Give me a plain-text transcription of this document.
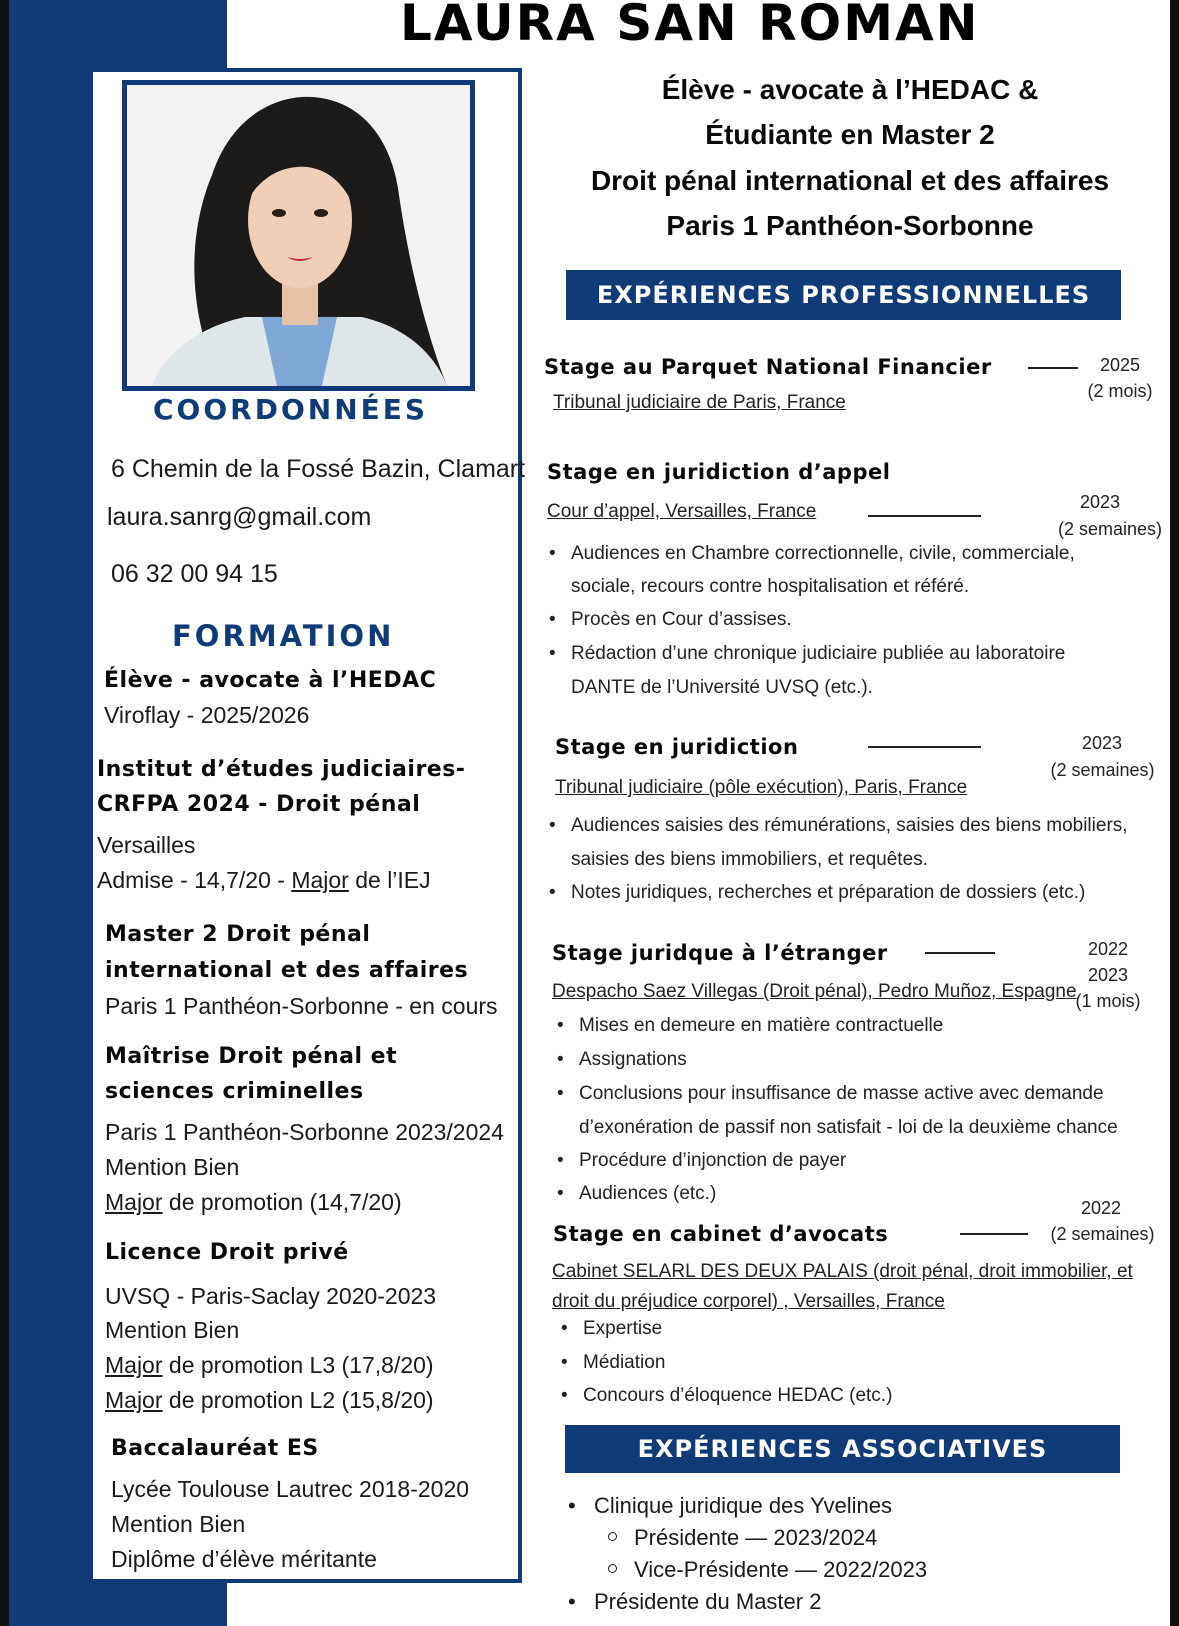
LAURA SAN ROMAN
COORDONNÉES
6 Chemin de la Fossé Bazin, Clamart
laura.sanrg@gmail.com
06 32 00 94 15
FORMATION
Élève - avocate à l’HEDAC
Viroflay - 2025/2026
Institut d’études judiciaires-
CRFPA 2024 - Droit pénal
Versailles
Admise - 14,7/20 - Major de l’IEJ
Master 2 Droit pénal
international et des affaires
Paris 1 Panthéon-Sorbonne - en cours
Maîtrise Droit pénal et
sciences criminelles
Paris 1 Panthéon-Sorbonne 2023/2024
Mention Bien
Major de promotion (14,7/20)
Licence Droit privé
UVSQ - Paris-Saclay 2020-2023
Mention Bien
Major de promotion L3 (17,8/20)
Major de promotion L2 (15,8/20)
Baccalauréat ES
Lycée Toulouse Lautrec 2018-2020
Mention Bien
Diplôme d’élève méritante
Élève - avocate à l’HEDAC &
Étudiante en Master 2
Droit pénal international et des affaires
Paris 1 Panthéon-Sorbonne
EXPÉRIENCES PROFESSIONNELLES
Stage au Parquet National Financier	2025
(2 mois)
Tribunal judiciaire de Paris, France
Stage en juridiction d’appel
2023
Cour d’appel, Versailles, France
(2 semaines)
• Audiences en Chambre correctionnelle, civile, commerciale,
sociale, recours contre hospitalisation et référé.
• Procès en Cour d’assises.
• Rédaction d’une chronique judiciaire publiée au laboratoire
DANTE de l’Université UVSQ (etc.).
Stage en juridiction	2023
(2 semaines)
Tribunal judiciaire (pôle exécution), Paris, France
• Audiences saisies des rémunérations, saisies des biens mobiliers,
saisies des biens immobiliers, et requêtes.
• Notes juridiques, recherches et préparation de dossiers (etc.)
Stage juridque à l’étranger	2022
2023
(1 mois)
Despacho Saez Villegas (Droit pénal), Pedro Muñoz, Espagne
• Mises en demeure en matière contractuelle
• Assignations
• Conclusions pour insuffisance de masse active avec demande
d’exonération de passif non satisfait - loi de la deuxième chance
• Procédure d’injonction de payer
• Audiences (etc.)
2022
Stage en cabinet d’avocats	(2 semaines)
Cabinet SELARL DES DEUX PALAIS (droit pénal, droit immobilier, et
droit du préjudice corporel) , Versailles, France
• Expertise
• Médiation
• Concours d’éloquence HEDAC (etc.)
EXPÉRIENCES ASSOCIATIVES
• Clinique juridique des Yvelines
Présidente — 2023/2024
Vice-Présidente — 2022/2023
• Présidente du Master 2
